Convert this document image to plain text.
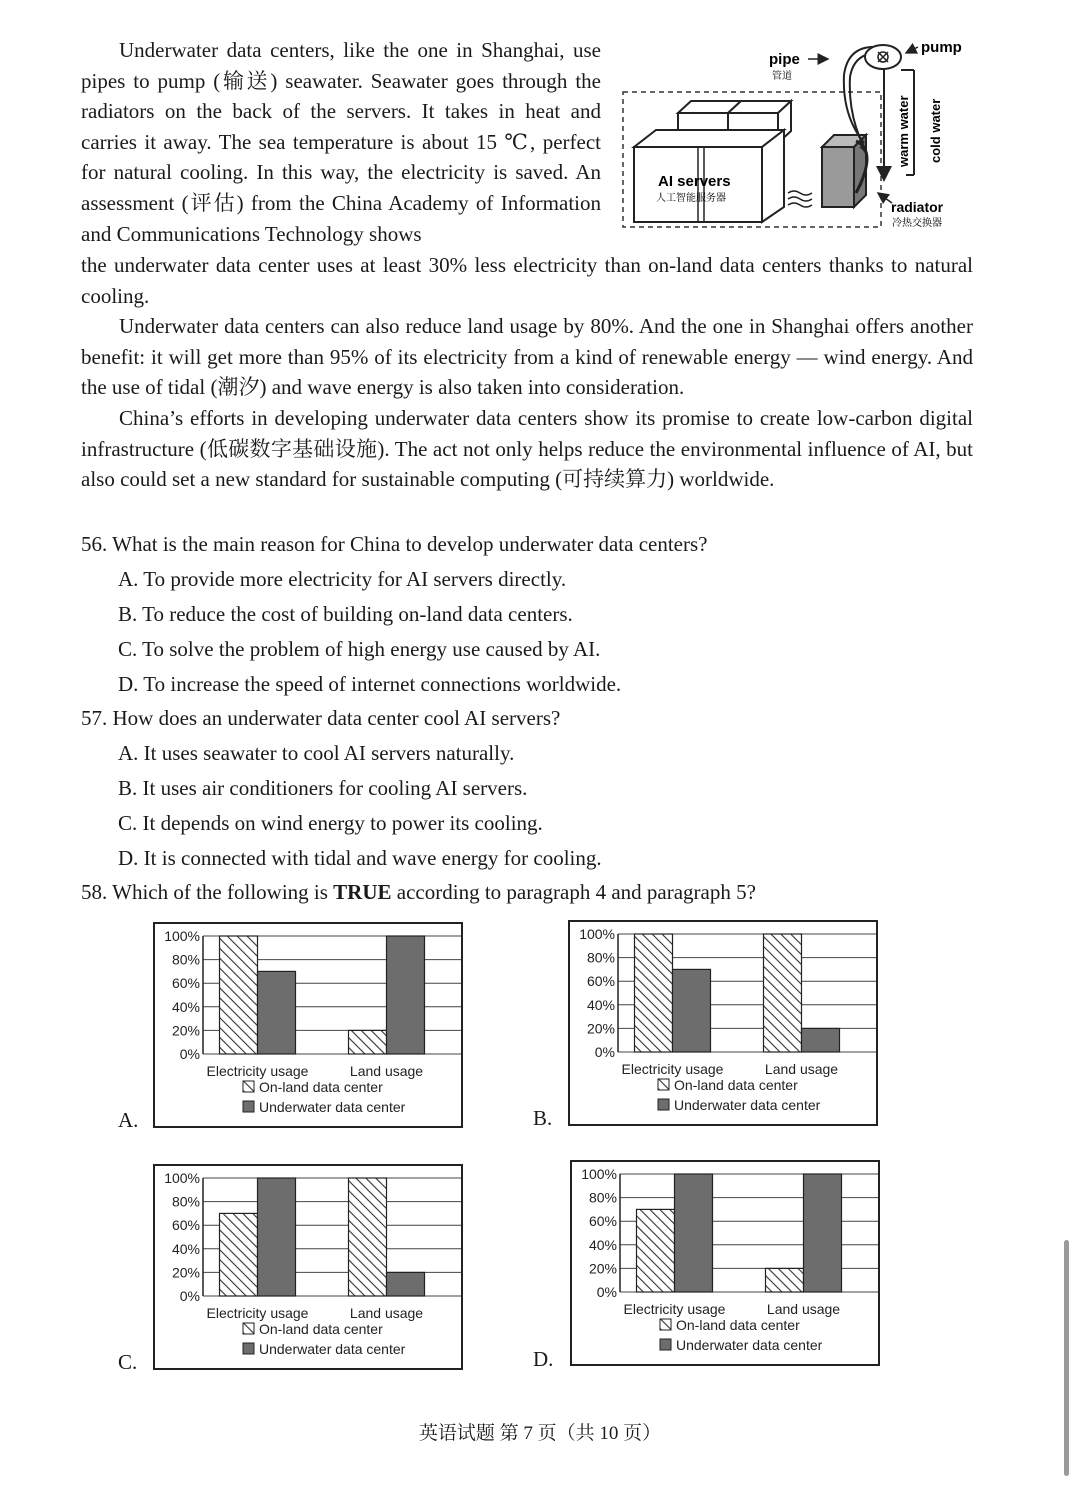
Underwater data centers, like the one in Shanghai, use pipes to pump (输送) seawater. Seawater goes through the radiators on the back of the servers. It takes in heat and carries it away. The sea temperature is about 15 ℃, perfect for natural cooling. In this way, the electricity is saved. An assessment (评估) from the China Academy of Information and Communications Technology shows

the underwater data center uses at least 30% less electricity than on-land data centers thanks to natural cooling.

Underwater data centers can also reduce land usage by 80%. And the one in Shanghai offers another benefit: it will get more than 95% of its electricity from a kind of renewable energy — wind energy. And the use of tidal (潮汐) and wave energy is also taken into consideration.

China’s efforts in developing underwater data centers show its promise to create low-carbon digital infrastructure (低碳数字基础设施). The act not only helps reduce the environmental influence of AI, but also could set a new standard for sustainable computing (可持续算力) worldwide.

pipe
管道
pump
warm water cold water
AI servers
人工智能服务器
radiator
冷热交换器
56. What is the main reason for China to develop underwater data centers?
A. To provide more electricity for AI servers directly.
B. To reduce the cost of building on-land data centers.
C. To solve the problem of high energy use caused by AI.
D. To increase the speed of internet connections worldwide.
57. How does an underwater data center cool AI servers?
A. It uses seawater to cool AI servers naturally.
B. It uses air conditioners for cooling AI servers.
C. It depends on wind energy to power its cooling.
D. It is connected with tidal and wave energy for cooling.
58. Which of the following is TRUE according to paragraph 4 and paragraph 5?
100%
80%
60%
40%
20%
0%
Electricity usage	Land usage
On-land data center
Underwater data center
A.
100%
80%
60%
40%
20%
0%
Electricity usage	Land usage
On-land data center
Underwater data center
B.
100%
80%
60%
40%
20%
0%
Electricity usage	Land usage
On-land data center
Underwater data center
C.
100%
80%
60%
40%
20%
0%
Electricity usage	Land usage
On-land data center
Underwater data center
D.
英语试题 第 7 页（共 10 页）
